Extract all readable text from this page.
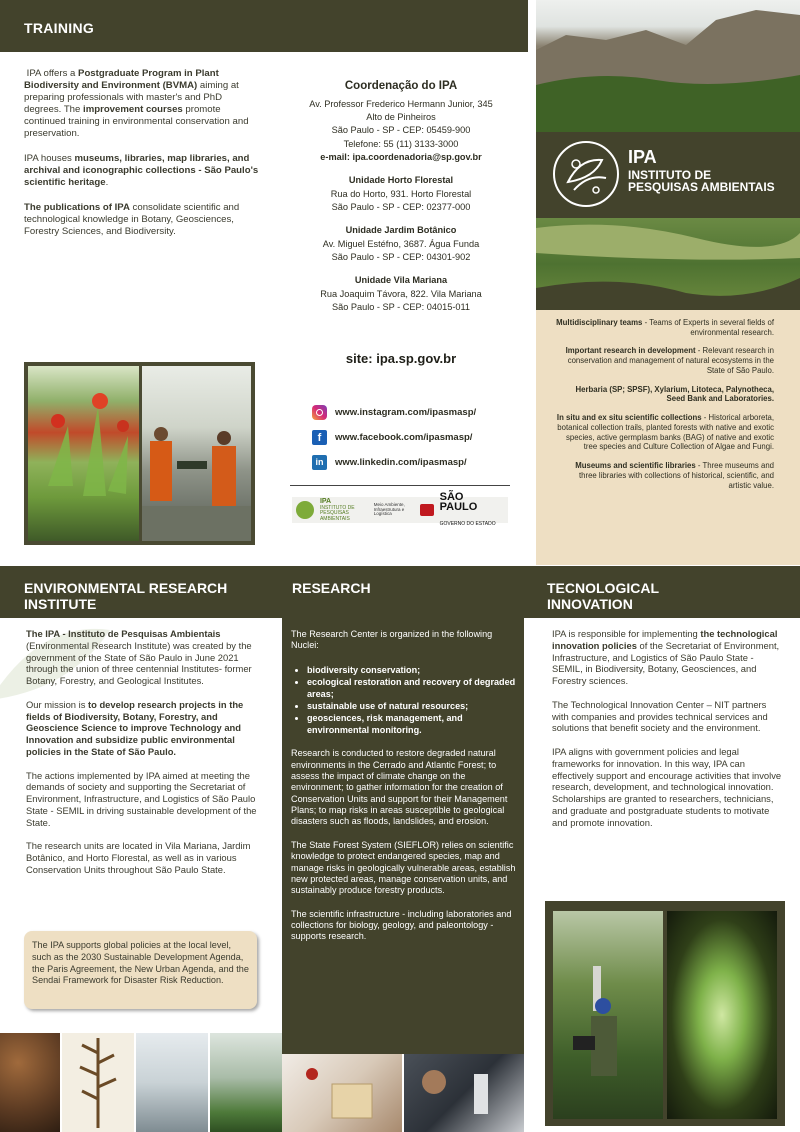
TRAINING

IPA offers a Postgraduate Program in Plant Biodiversity and Environment (BVMA) aiming at preparing professionals with master's and PhD degrees. The improvement courses promote continued training in environmental conservation and preservation.

IPA houses museums, libraries, map libraries, and archival and iconographic collections - São Paulo's scientific heritage.

The publications of IPA consolidate scientific and technological knowledge in Botany, Geosciences, Forestry Sciences, and Biodiversity.

Coordenação do IPA
Av. Professor Frederico Hermann Junior, 345
Alto de Pinheiros
São Paulo - SP - CEP: 05459-900
Telefone: 55 (11) 3133-3000
e-mail: ipa.coordenadoria@sp.gov.br
Unidade Horto Florestal
Rua do Horto, 931. Horto Florestal
São Paulo - SP - CEP: 02377-000
Unidade Jardim Botânico
Av. Miguel Estéfno, 3687. Água Funda
São Paulo - SP - CEP: 04301-902
Unidade Vila Mariana
Rua Joaquim Távora, 822. Vila Mariana
São Paulo - SP - CEP: 04015-011
site: ipa.sp.gov.br
www.instagram.com/ipasmasp/
f	www.facebook.com/ipasmasp/
in	www.linkedin.com/ipasmasp/
IPA
INSTITUTO DE PESQUISAS AMBIENTAIS
Meio Ambiente, Infraestrutura e Logística
SÃO PAULO
GOVERNO DO ESTADO
IPA
INSTITUTO DE
PESQUISAS AMBIENTAIS

Multidisciplinary teams - Teams of Experts in several fields of environmental research.

Important research in development - Relevant research in conservation and management of natural ecosystems in the State of São Paulo.

Herbaria (SP; SPSF), Xylarium, Litoteca, Palynotheca, Seed Bank and Laboratories.

In situ and ex situ scientific collections - Historical arboreta, botanical collection trails, planted forests with native and exotic species, active germplasm banks (BAG) of native and exotic tree species and Culture Collection of Algae and Fungi.

Museums and scientific libraries - Three museums and three libraries with collections of historical, scientific, and artistic value.

ENVIRONMENTAL RESEARCH INSTITUTE
RESEARCH	TECNOLOGICAL INNOVATION

The IPA - Instituto de Pesquisas Ambientais (Environmental Research Institute) was created by the government of the State of São Paulo in June 2021 through the union of three centennial Institutes- former Botany, Forestry, and Geological Institutes.

Our mission is to develop research projects in the fields of Biodiversity, Botany, Forestry, and Geoscience Science to improve Technology and Innovation and subsidize public environmental policies in the State of São Paulo.

The actions implemented by IPA aimed at meeting the demands of society and supporting the Secretariat of Environment, Infrastructure, and Logistics of São Paulo State - SEMIL in driving sustainable development of the State.

The research units are located in Vila Mariana, Jardim Botânico, and Horto Florestal, as well as in various Conservation Units throughout São Paulo State.

The IPA supports global policies at the local level, such as the 2030 Sustainable Development Agenda, the Paris Agreement, the New Urban Agenda, and the Sendai Framework for Disaster Risk Reduction.

The Research Center is organized in the following Nuclei:

• biodiversity conservation;
• ecological restoration and recovery of degraded areas;
• sustainable use of natural resources;
• geosciences, risk management, and environmental monitoring.

Research is conducted to restore degraded natural environments in the Cerrado and Atlantic Forest; to assess the impact of climate change on the environment; to gather information for the creation of Conservation Units and support for their Management Plans; to map risks in areas susceptible to geological disasters such as floods, landslides, and erosion.

The State Forest System (SIEFLOR) relies on scientific knowledge to protect endangered species, map and manage risks in geologically vulnerable areas, establish new protected areas, manage conservation units, and sustainably produce forestry products.

The scientific infrastructure - including laboratories and collections for biology, geology, and paleontology - supports research.

IPA is responsible for implementing the technological innovation policies of the Secretariat of Environment, Infrastructure, and Logistics of São Paulo State - SEMIL, in Biodiversity, Botany, Geosciences, and Forestry sciences.

The Technological Innovation Center – NIT partners with companies and provides technical services and solutions that benefit society and the environment.

IPA aligns with government policies and legal frameworks for innovation. In this way, IPA can effectively support and encourage activities that involve research, development, and technological innovation. Scholarships are granted to researchers, technicians, and graduate and postgraduate students to motivate and promote innovation.
